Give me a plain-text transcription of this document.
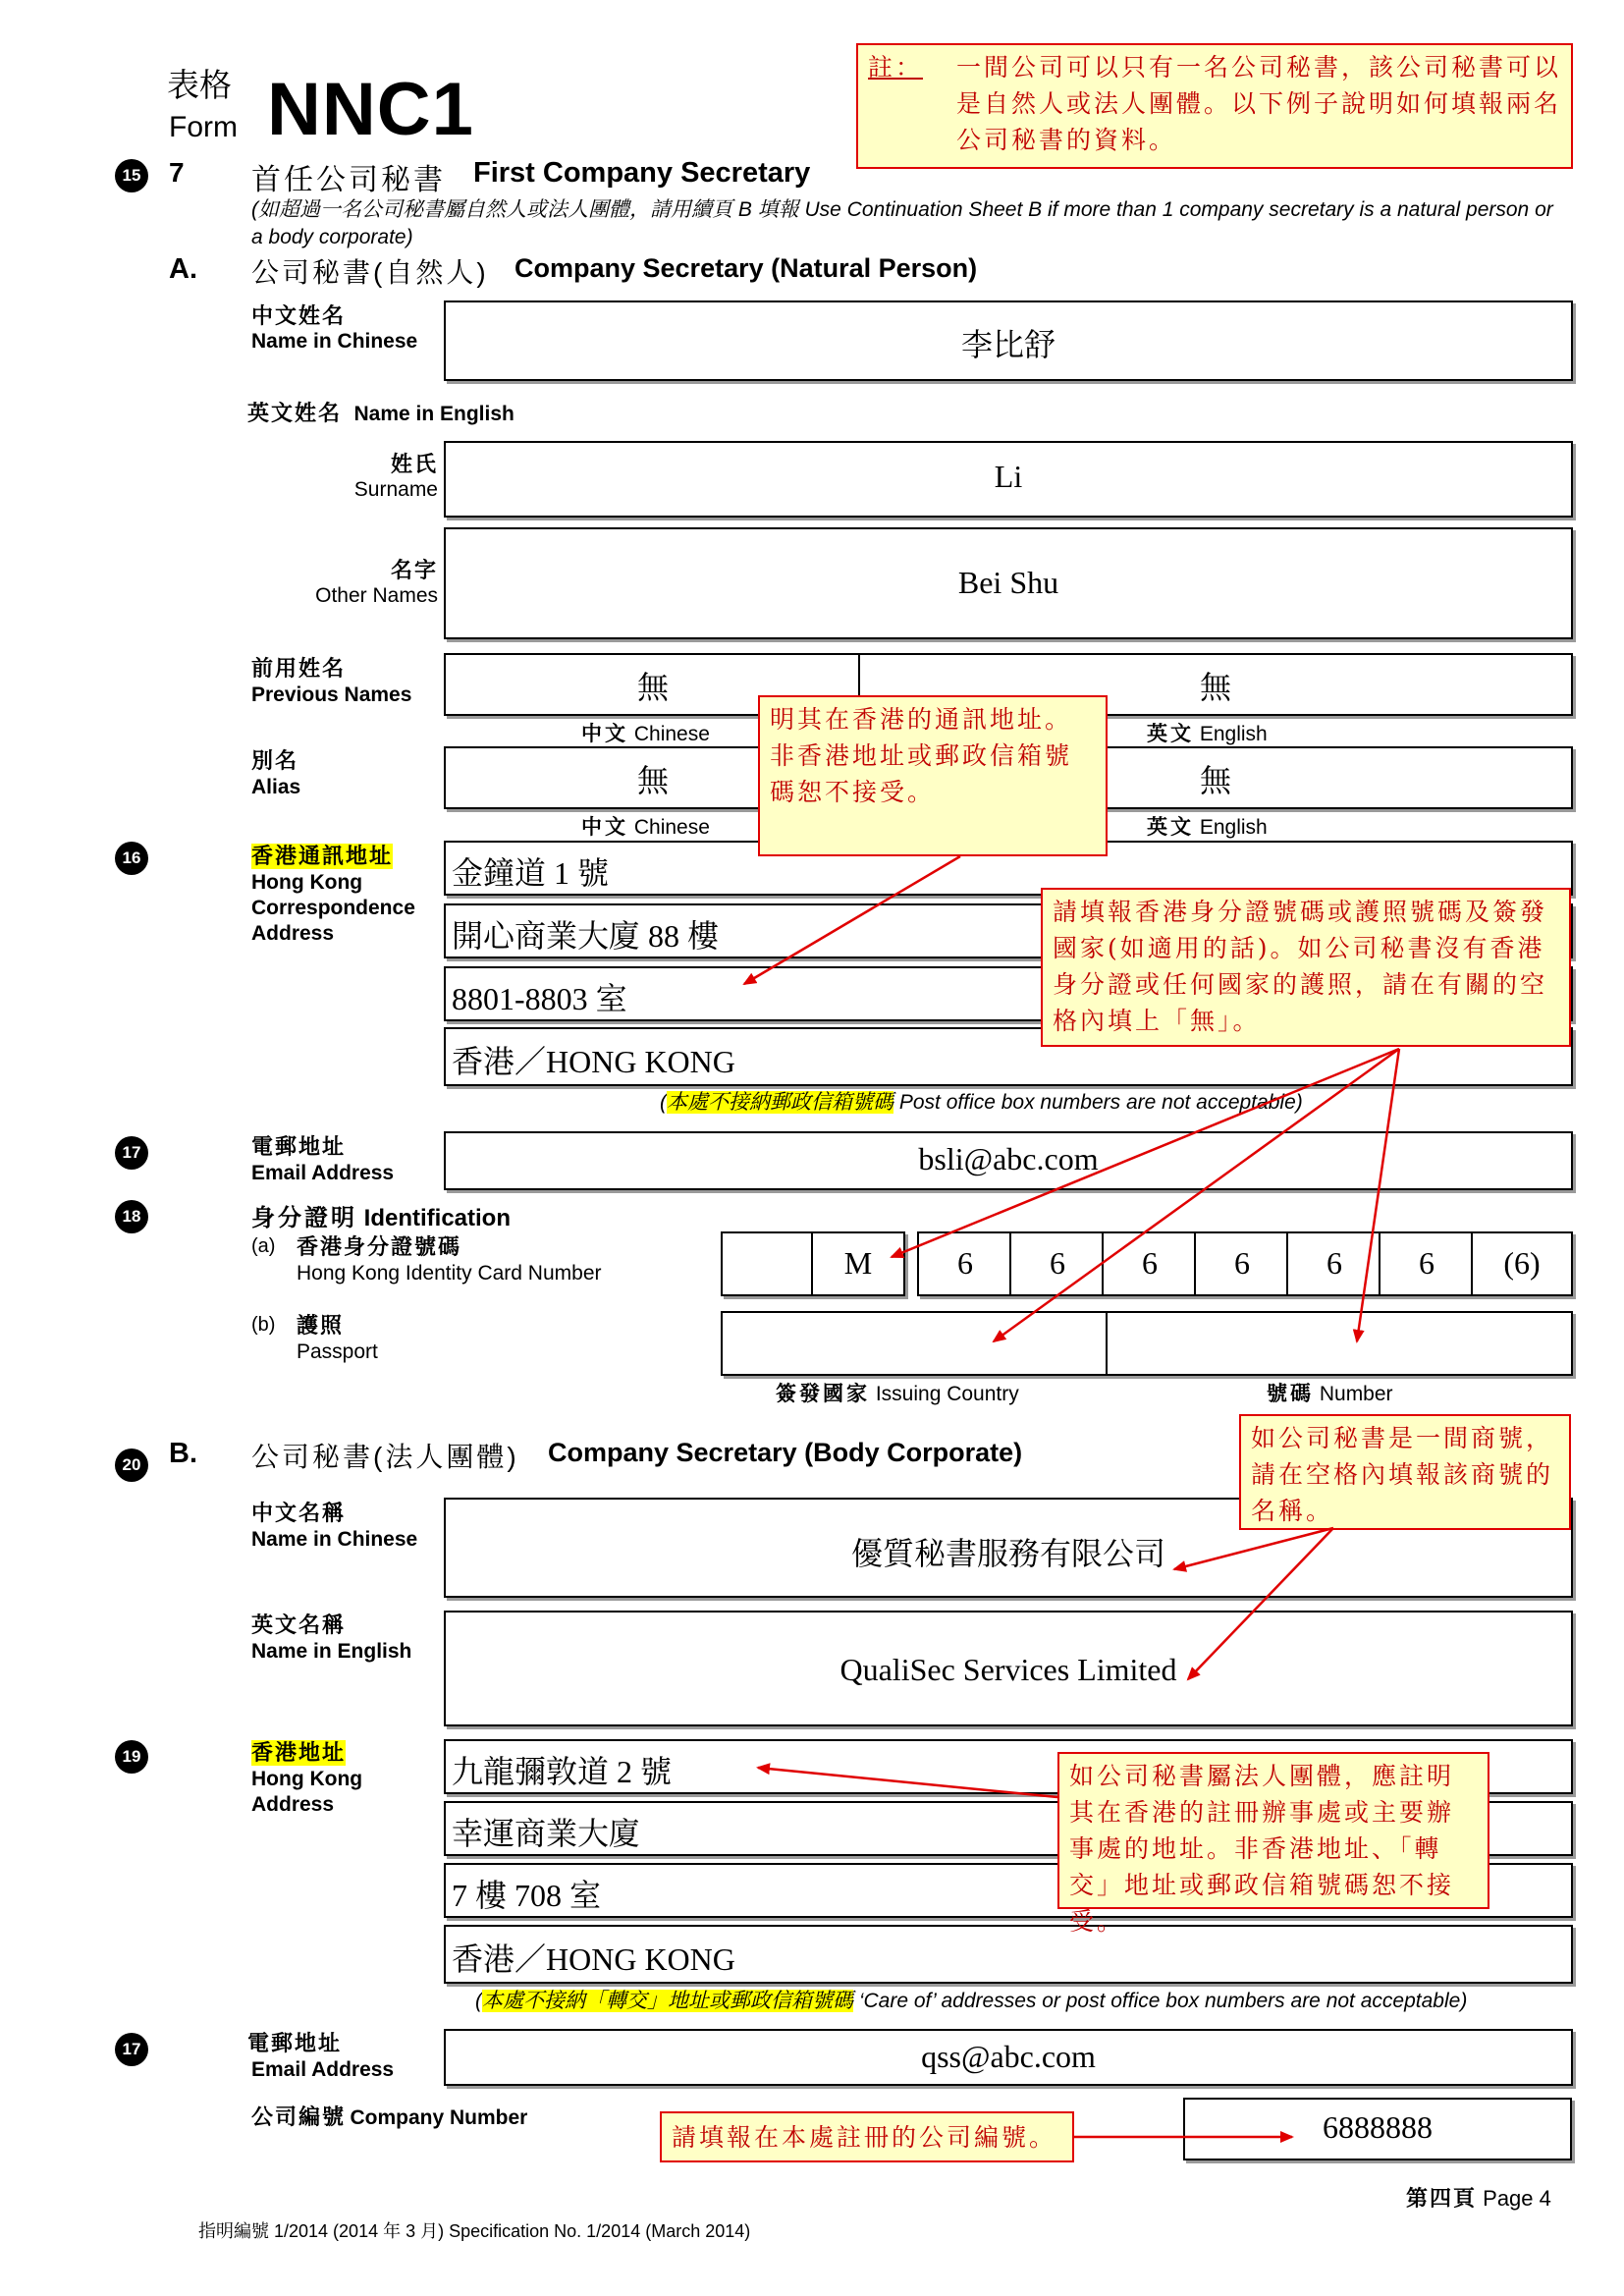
表格
Form NNC1
註： 一間公司可以只有一名公司秘書，該公司秘書可以是自然人或法人團體。以下例子說明如何填報兩名公司秘書的資料。
15 7 首任公司秘書 First Company Secretary
(如超過一名公司秘書屬自然人或法人團體，請用續頁 B 填報 Use Continuation Sheet B if more than 1 company secretary is a natural person or a body corporate)
A. 公司秘書(自然人) Company Secretary (Natural Person)
中文姓名
Name in Chinese	李比舒
英文姓名 Name in English
姓氏
Surname	Li
名字
Other Names	Bei Shu
前用姓名
Previous Names	無	無
中文 Chinese	英文 English
別名
Alias	無	無
中文 Chinese	英文 English
16	香港通訊地址
Hong Kong
Correspondence
Address
金鐘道 1 號
開心商業大廈 88 樓
8801-8803 室
香港／HONG KONG
(本處不接納郵政信箱號碼 Post office box numbers are not acceptable)
17	電郵地址
Email Address	bsli@abc.com
18	身分證明 Identification
(a) 香港身分證號碼
Hong Kong Identity Card Number	M	6	6	6	6	6	6	(6)
(b) 護照
Passport
簽發國家 Issuing Country	號碼 Number
20 B. 公司秘書(法人團體) Company Secretary (Body Corporate)
中文名稱
Name in Chinese	優質秘書服務有限公司
英文名稱
Name in English
QualiSec Services Limited
19	香港地址
Hong Kong
Address
九龍彌敦道 2 號
幸運商業大廈
7 樓 708 室
香港／HONG KONG
(本處不接納「轉交」地址或郵政信箱號碼 ‘Care of’ addresses or post office box numbers are not acceptable)
17	電郵地址
Email Address	qss@abc.com
公司編號 Company Number	6888888
明其在香港的通訊地址。非香港地址或郵政信箱號碼恕不接受。
請填報香港身分證號碼或護照號碼及簽發國家(如適用的話)。如公司秘書沒有香港身分證或任何國家的護照，請在有關的空格內填上「無」。
如公司秘書是一間商號，請在空格內填報該商號的名稱。
如公司秘書屬法人團體，應註明其在香港的註冊辦事處或主要辦事處的地址。非香港地址、「轉交」地址或郵政信箱號碼恕不接受。
請填報在本處註冊的公司編號。
第四頁 Page 4
指明編號 1/2014 (2014 年 3 月) Specification No. 1/2014 (March 2014)
